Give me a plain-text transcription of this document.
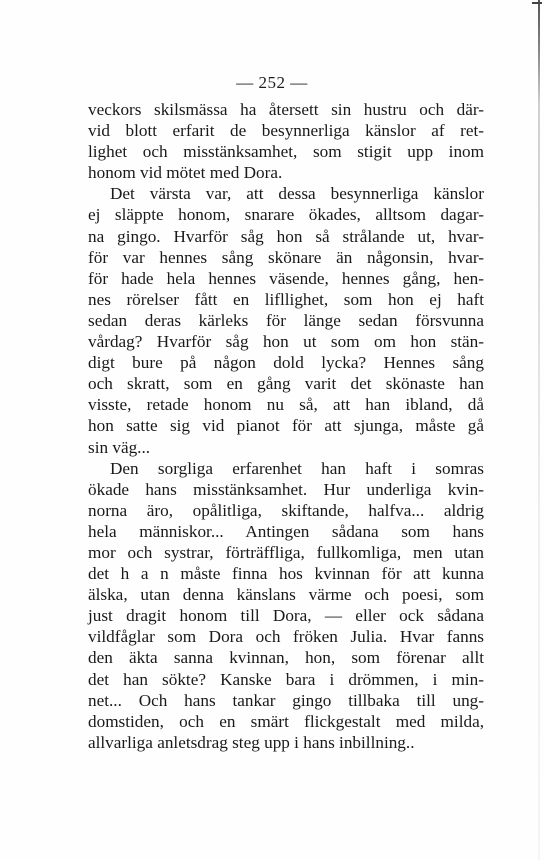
— 252 —
veckors skilsmässa ha återsett sin hustru och där-
vid blott erfarit de besynnerliga känslor af ret-
lighet och misstänksamhet, som stigit upp inom
honom vid mötet med Dora.
Det värsta var, att dessa besynnerliga känslor
ej släppte honom, snarare ökades, alltsom dagar-
na gingo. Hvarför såg hon så strålande ut, hvar-
för var hennes sång skönare än någonsin, hvar-
för hade hela hennes väsende, hennes gång, hen-
nes rörelser fått en lifllighet, som hon ej haft
sedan deras kärleks för länge sedan försvunna
vårdag? Hvarför såg hon ut som om hon stän-
digt bure på någon dold lycka? Hennes sång
och skratt, som en gång varit det skönaste han
visste, retade honom nu så, att han ibland, då
hon satte sig vid pianot för att sjunga, måste gå
sin väg...
Den sorgliga erfarenhet han haft i somras
ökade hans misstänksamhet. Hur underliga kvin-
norna äro, opålitliga, skiftande, halfva... aldrig
hela människor... Antingen sådana som hans
mor och systrar, förträffliga, fullkomliga, men utan
det h a n måste finna hos kvinnan för att kunna
älska, utan denna känslans värme och poesi, som
just dragit honom till Dora, — eller ock sådana
vildfåglar som Dora och fröken Julia. Hvar fanns
den äkta sanna kvinnan, hon, som förenar allt
det han sökte? Kanske bara i drömmen, i min-
net... Och hans tankar gingo tillbaka till ung-
domstiden, och en smärt flickgestalt med milda,
allvarliga anletsdrag steg upp i hans inbillning..
